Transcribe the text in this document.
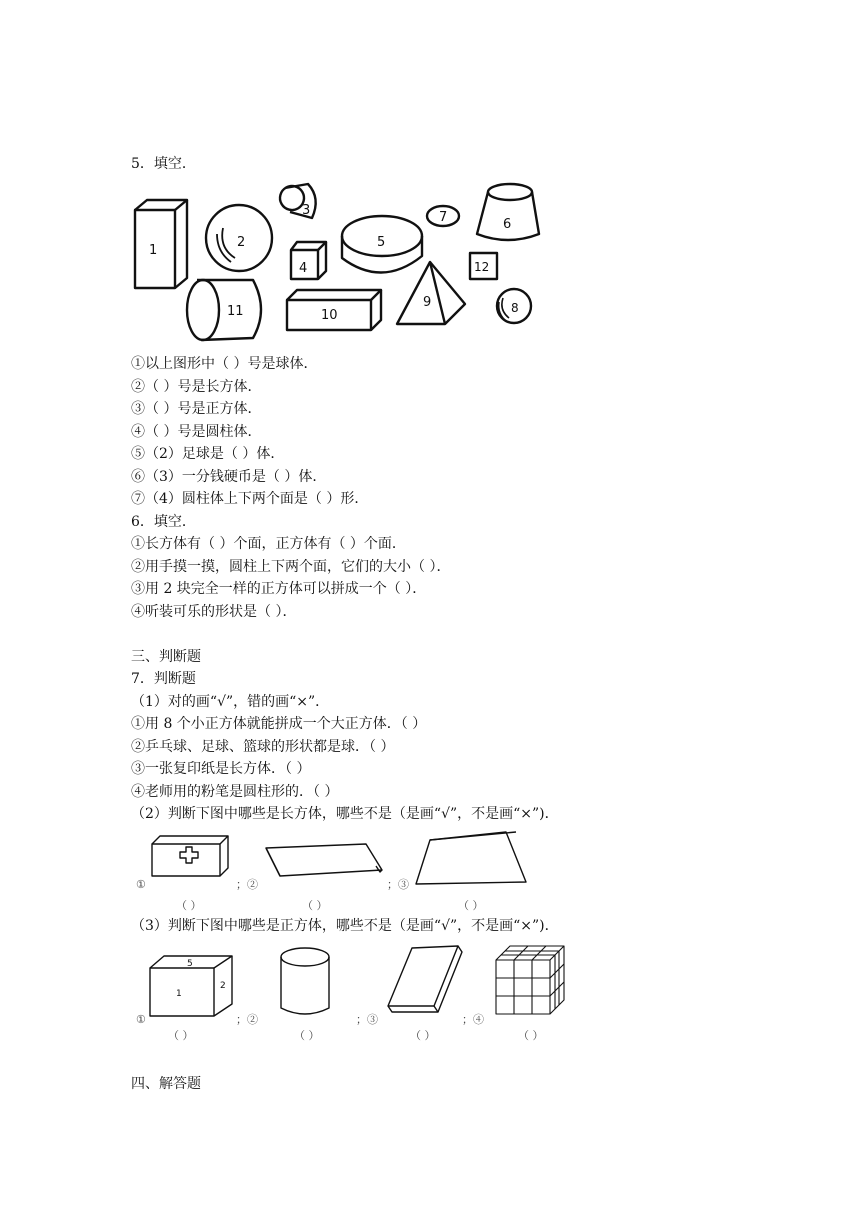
5．填空．
1
2
3
4
5
7	6
12
11	10
9	8
①以上图形中（ ）号是球体．
②（ ）号是长方体．
③（ ）号是正方体．
④（ ）号是圆柱体．
⑤（2）足球是（ ）体．
⑥（3）一分钱硬币是（ ）体．
⑦（4）圆柱体上下两个面是（ ）形．
6．填空．
①长方体有（ ）个面，正方体有（ ）个面．
②用手摸一摸，圆柱上下两个面，它们的大小（ ）．
③用 2 块完全一样的正方体可以拼成一个（ ）．
④听装可乐的形状是（ ）．
三、判断题
7．判断题
（1）对的画“√”，错的画“×”．
①用 8 个小正方体就能拼成一个大正方体．（ ）
②乒乓球、足球、篮球的形状都是球．（ ）
③一张复印纸是长方体．（ ）
④老师用的粉笔是圆柱形的．（ ）
（2）判断下图中哪些是长方体，哪些不是（是画“√”，不是画“×”)．
①	；②	；③
（ ）	（ ）	（ ）
（3）判断下图中哪些是正方体，哪些不是（是画“√”，不是画“×”)．
5
1
2
①	；②	；③	；④
（ ）	（ ）	（ ）	（ ）
四、解答题
